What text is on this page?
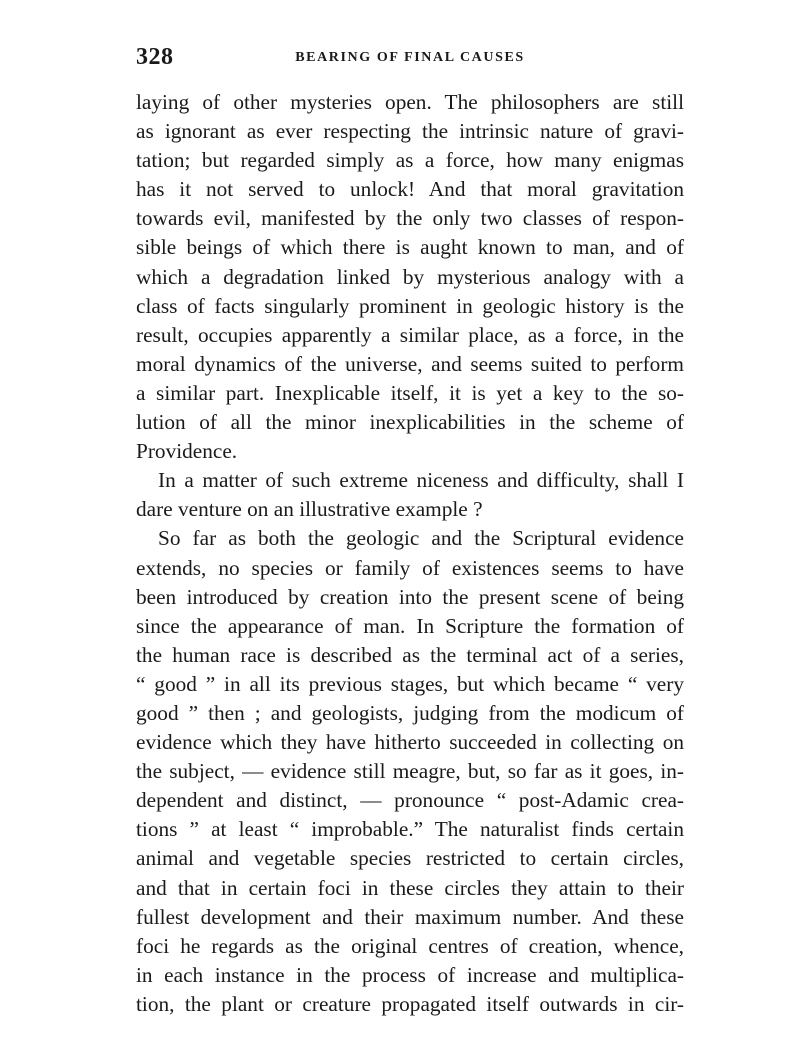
328	BEARING OF FINAL CAUSES
laying of other mysteries open. The philosophers are still
as ignorant as ever respecting the intrinsic nature of gravi-
tation; but regarded simply as a force, how many enigmas
has it not served to unlock! And that moral gravitation
towards evil, manifested by the only two classes of respon-
sible beings of which there is aught known to man, and of
which a degradation linked by mysterious analogy with a
class of facts singularly prominent in geologic history is the
result, occupies apparently a similar place, as a force, in the
moral dynamics of the universe, and seems suited to perform
a similar part. Inexplicable itself, it is yet a key to the so-
lution of all the minor inexplicabilities in the scheme of
Providence.
In a matter of such extreme niceness and difficulty, shall I
dare venture on an illustrative example ?
So far as both the geologic and the Scriptural evidence
extends, no species or family of existences seems to have
been introduced by creation into the present scene of being
since the appearance of man. In Scripture the formation of
the human race is described as the terminal act of a series,
“ good ” in all its previous stages, but which became “ very
good ” then ; and geologists, judging from the modicum of
evidence which they have hitherto succeeded in collecting on
the subject, — evidence still meagre, but, so far as it goes, in-
dependent and distinct, — pronounce “ post-Adamic crea-
tions ” at least “ improbable.” The naturalist finds certain
animal and vegetable species restricted to certain circles,
and that in certain foci in these circles they attain to their
fullest development and their maximum number. And these
foci he regards as the original centres of creation, whence,
in each instance in the process of increase and multiplica-
tion, the plant or creature propagated itself outwards in cir-
